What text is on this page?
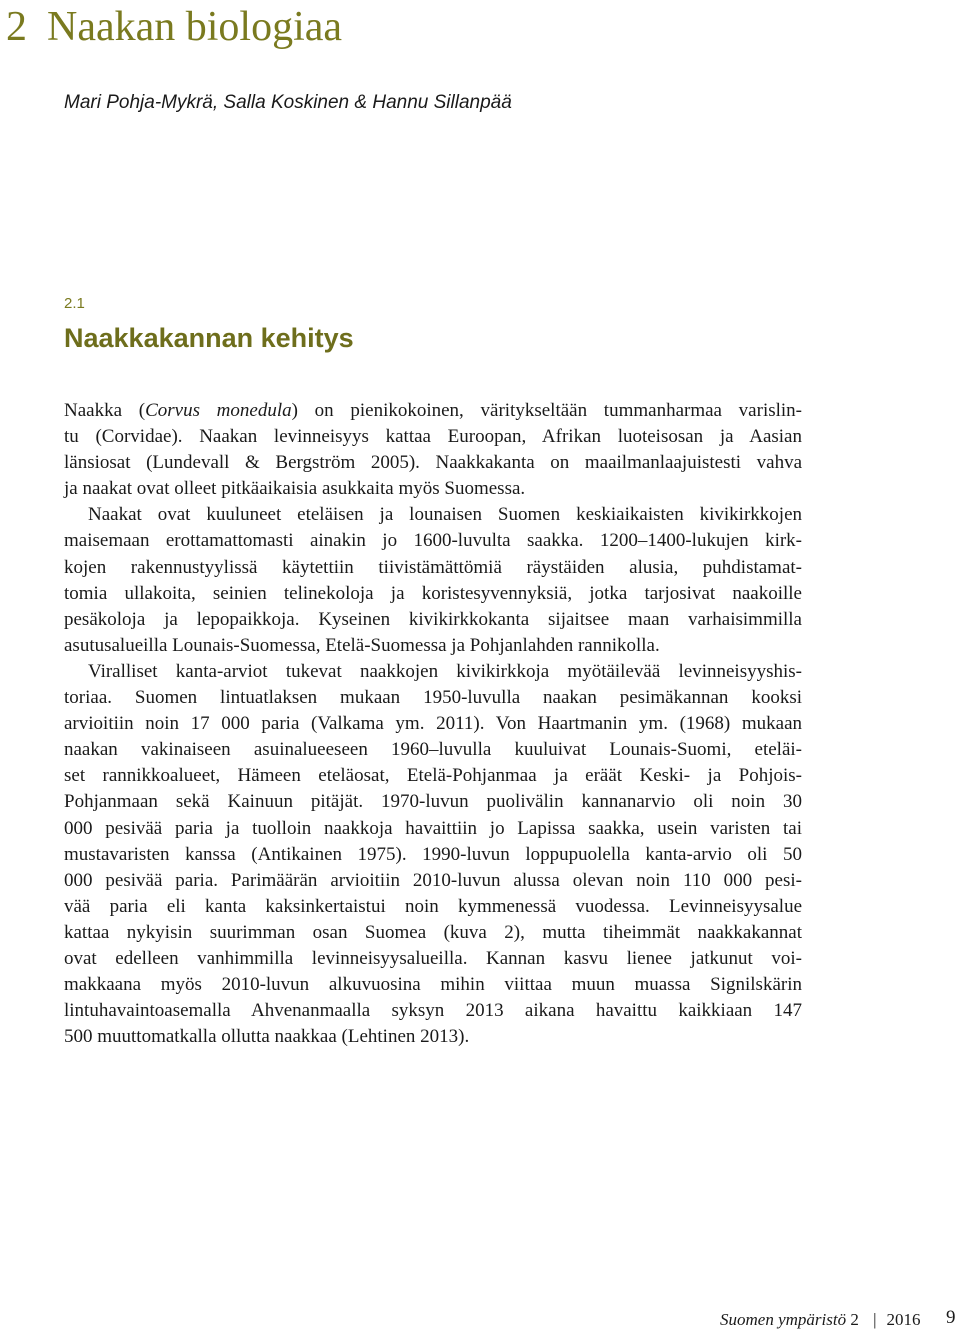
2 Naakan biologiaa
Mari Pohja-Mykrä, Salla Koskinen & Hannu Sillanpää
2.1
Naakkakannan kehitys
Naakka (Corvus monedula) on pienikokoinen, väritykseltään tummanharmaa varislin-
tu (Corvidae). Naakan levinneisyys kattaa Euroopan, Afrikan luoteisosan ja Aasian
länsiosat (Lundevall & Bergström 2005). Naakkakanta on maailmanlaajuistesti vahva
ja naakat ovat olleet pitkäaikaisia asukkaita myös Suomessa.
Naakat ovat kuuluneet eteläisen ja lounaisen Suomen keskiaikaisten kivikirkkojen
maisemaan erottamattomasti ainakin jo 1600-luvulta saakka. 1200–1400-lukujen kirk-
kojen rakennustyylissä käytettiin tiivistämättömiä räystäiden alusia, puhdistamat-
tomia ullakoita, seinien telinekoloja ja koristesyvennyksiä, jotka tarjosivat naakoille
pesäkoloja ja lepopaikkoja. Kyseinen kivikirkkokanta sijaitsee maan varhaisimmilla
asutusalueilla Lounais-Suomessa, Etelä-Suomessa ja Pohjanlahden rannikolla.
Viralliset kanta-arviot tukevat naakkojen kivikirkkoja myötäilevää levinneisyyshis-
toriaa. Suomen lintuatlaksen mukaan 1950-luvulla naakan pesimäkannan kooksi
arvioitiin noin 17 000 paria (Valkama ym. 2011). Von Haartmanin ym. (1968) mukaan
naakan vakinaiseen asuinalueeseen 1960–luvulla kuuluivat Lounais-Suomi, eteläi-
set rannikkoalueet, Hämeen eteläosat, Etelä-Pohjanmaa ja eräät Keski- ja Pohjois-
Pohjanmaan sekä Kainuun pitäjät. 1970-luvun puolivälin kannanarvio oli noin 30
000 pesivää paria ja tuolloin naakkoja havaittiin jo Lapissa saakka, usein varisten tai
mustavaristen kanssa (Antikainen 1975). 1990-luvun loppupuolella kanta-arvio oli 50
000 pesivää paria. Parimäärän arvioitiin 2010-luvun alussa olevan noin 110 000 pesi-
vää paria eli kanta kaksinkertaistui noin kymmenessä vuodessa. Levinneisyysalue
kattaa nykyisin suurimman osan Suomea (kuva 2), mutta tiheimmät naakkakannat
ovat edelleen vanhimmilla levinneisyysalueilla. Kannan kasvu lienee jatkunut voi-
makkaana myös 2010-luvun alkuvuosina mihin viittaa muun muassa Signilskärin
lintuhavaintoasemalla Ahvenanmaalla syksyn 2013 aikana havaittu kaikkiaan 147
500 muuttomatkalla ollutta naakkaa (Lehtinen 2013).
Suomen ympäristö 2 | 2016 9
